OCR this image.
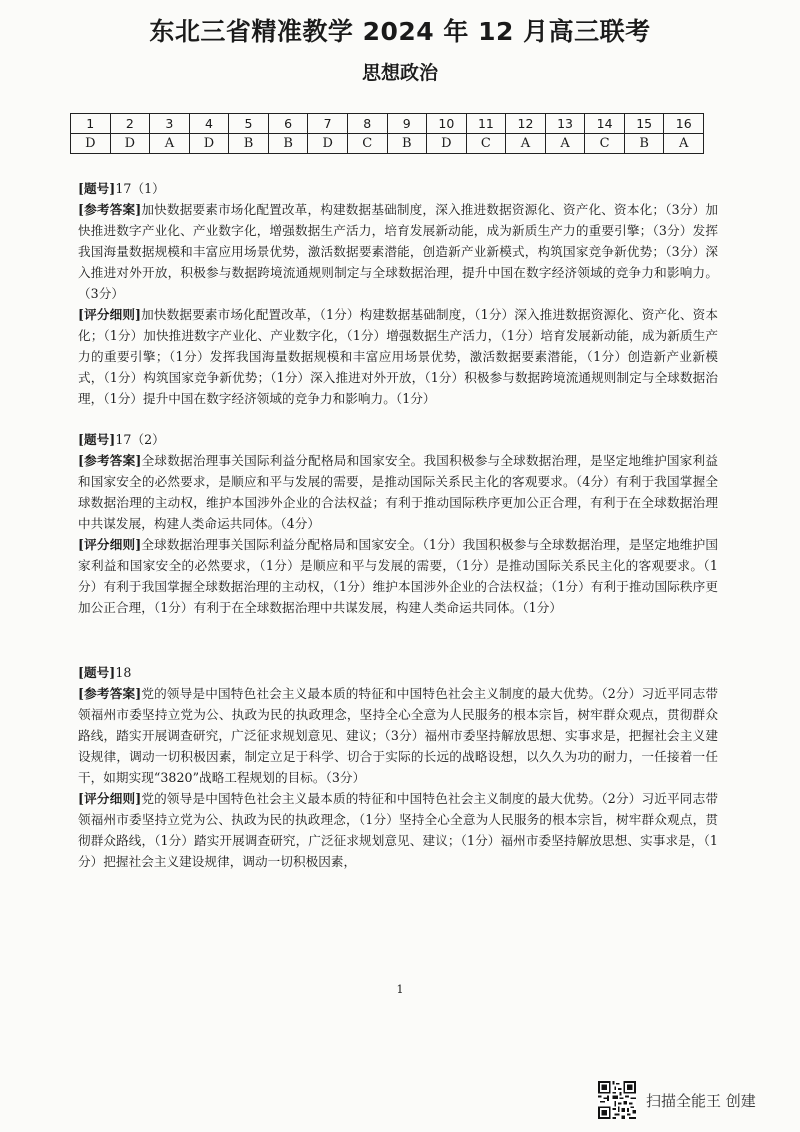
东北三省精准教学 2024 年 12 月高三联考
思想政治
1	2	3	4	5	6	7	8	9	10	11	12	13	14	15	16
D	D	A	D	B	B	D	C	B	D	C	A	A	C	B	A

[题号]17（1）

[参考答案]加快数据要素市场化配置改革，构建数据基础制度，深入推进数据资源化、资产化、资本化；（3分）加快推进数字产业化、产业数字化，增强数据生产活力，培育发展新动能，成为新质生产力的重要引擎；（3分）发挥我国海量数据规模和丰富应用场景优势，激活数据要素潜能，创造新产业新模式，构筑国家竞争新优势；（3分）深入推进对外开放，积极参与数据跨境流通规则制定与全球数据治理，提升中国在数字经济领域的竞争力和影响力。（3分）

[评分细则]加快数据要素市场化配置改革，（1分）构建数据基础制度，（1分）深入推进数据资源化、资产化、资本化；（1分）加快推进数字产业化、产业数字化，（1分）增强数据生产活力，（1分）培育发展新动能，成为新质生产力的重要引擎；（1分）发挥我国海量数据规模和丰富应用场景优势，激活数据要素潜能，（1分）创造新产业新模式，（1分）构筑国家竞争新优势；（1分）深入推进对外开放，（1分）积极参与数据跨境流通规则制定与全球数据治理，（1分）提升中国在数字经济领域的竞争力和影响力。（1分）

[题号]17（2）

[参考答案]全球数据治理事关国际利益分配格局和国家安全。我国积极参与全球数据治理，是坚定地维护国家利益和国家安全的必然要求，是顺应和平与发展的需要，是推动国际关系民主化的客观要求。（4分）有利于我国掌握全球数据治理的主动权，维护本国涉外企业的合法权益；有利于推动国际秩序更加公正合理，有利于在全球数据治理中共谋发展，构建人类命运共同体。（4分）

[评分细则]全球数据治理事关国际利益分配格局和国家安全。（1分）我国积极参与全球数据治理，是坚定地维护国家利益和国家安全的必然要求，（1分）是顺应和平与发展的需要，（1分）是推动国际关系民主化的客观要求。（1分）有利于我国掌握全球数据治理的主动权，（1分）维护本国涉外企业的合法权益；（1分）有利于推动国际秩序更加公正合理，（1分）有利于在全球数据治理中共谋发展，构建人类命运共同体。（1分）

[题号]18

[参考答案]党的领导是中国特色社会主义最本质的特征和中国特色社会主义制度的最大优势。（2分）习近平同志带领福州市委坚持立党为公、执政为民的执政理念，坚持全心全意为人民服务的根本宗旨，树牢群众观点，贯彻群众路线，踏实开展调查研究，广泛征求规划意见、建议；（3分）福州市委坚持解放思想、实事求是，把握社会主义建设规律，调动一切积极因素，制定立足于科学、切合于实际的长远的战略设想，以久久为功的耐力，一任接着一任干，如期实现“3820”战略工程规划的目标。（3分）

[评分细则]党的领导是中国特色社会主义最本质的特征和中国特色社会主义制度的最大优势。（2分）习近平同志带领福州市委坚持立党为公、执政为民的执政理念，（1分）坚持全心全意为人民服务的根本宗旨，树牢群众观点，贯彻群众路线，（1分）踏实开展调查研究，广泛征求规划意见、建议；（1分）福州市委坚持解放思想、实事求是，（1分）把握社会主义建设规律，调动一切积极因素，

1
扫描全能王 创建
